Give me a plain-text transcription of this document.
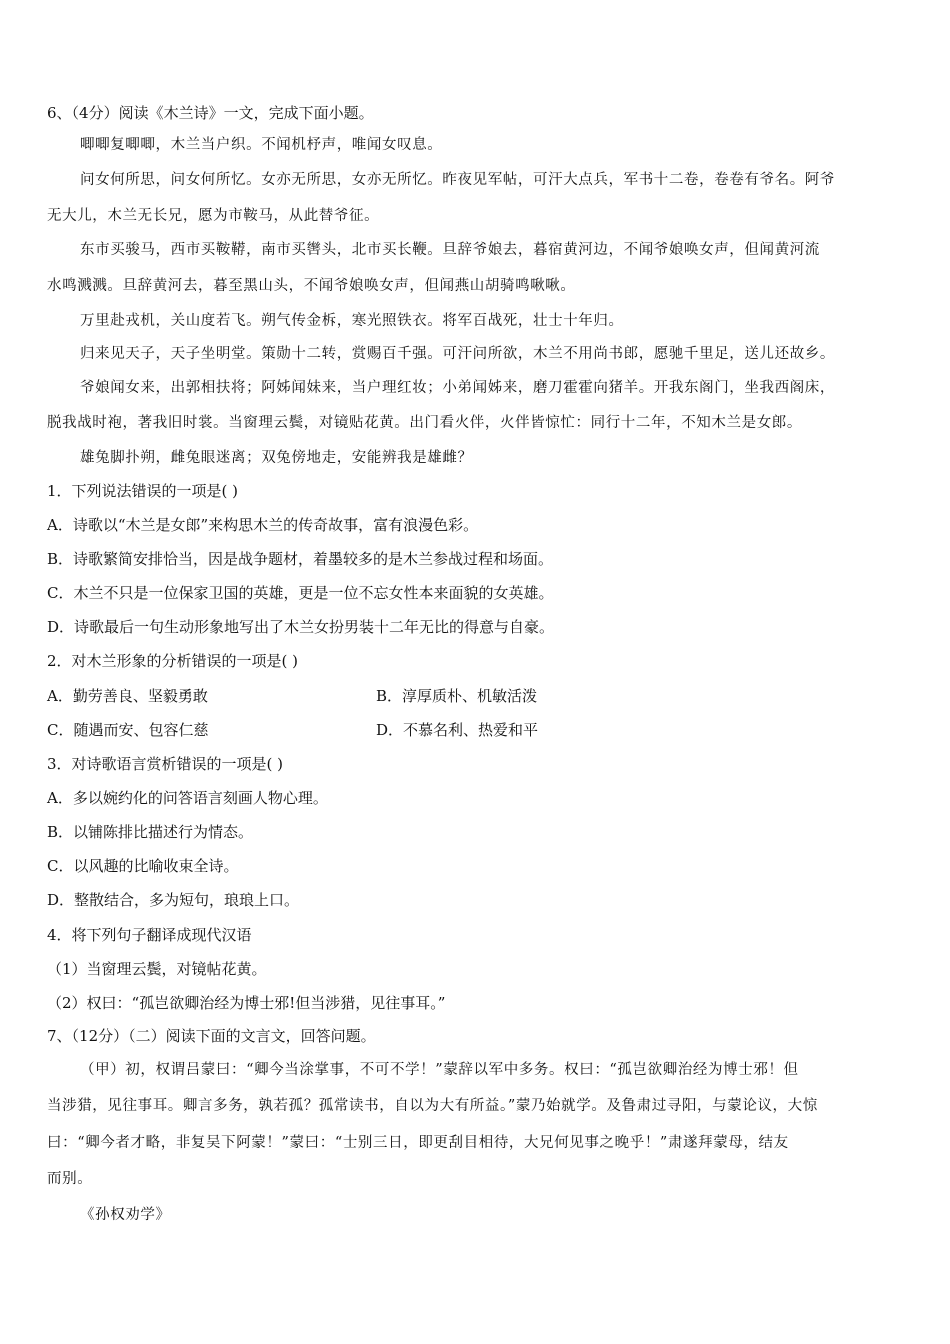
6、（4分）阅读《木兰诗》一文，完成下面小题。
唧唧复唧唧，木兰当户织。不闻机杼声，唯闻女叹息。
问女何所思，问女何所忆。女亦无所思，女亦无所忆。昨夜见军帖，可汗大点兵，军书十二卷，卷卷有爷名。阿爷
无大儿，木兰无长兄，愿为市鞍马，从此替爷征。
东市买骏马，西市买鞍鞯，南市买辔头，北市买长鞭。旦辞爷娘去，暮宿黄河边，不闻爷娘唤女声，但闻黄河流
水鸣溅溅。旦辞黄河去，暮至黑山头，不闻爷娘唤女声，但闻燕山胡骑鸣啾啾。
万里赴戎机，关山度若飞。朔气传金柝，寒光照铁衣。将军百战死，壮士十年归。
归来见天子，天子坐明堂。策勋十二转，赏赐百千强。可汗问所欲，木兰不用尚书郎，愿驰千里足，送儿还故乡。
爷娘闻女来，出郭相扶将；阿姊闻妹来，当户理红妆；小弟闻姊来，磨刀霍霍向猪羊。开我东阁门，坐我西阁床，
脱我战时袍，著我旧时裳。当窗理云鬓，对镜贴花黄。出门看火伴，火伴皆惊忙：同行十二年，不知木兰是女郎。
雄兔脚扑朔，雌兔眼迷离；双兔傍地走，安能辨我是雄雌？
1．下列说法错误的一项是( )
A．诗歌以“木兰是女郎”来构思木兰的传奇故事，富有浪漫色彩。
B．诗歌繁简安排恰当，因是战争题材，着墨较多的是木兰参战过程和场面。
C．木兰不只是一位保家卫国的英雄，更是一位不忘女性本来面貌的女英雄。
D．诗歌最后一句生动形象地写出了木兰女扮男装十二年无比的得意与自豪。
2．对木兰形象的分析错误的一项是( )
A．勤劳善良、坚毅勇敢	B．淳厚质朴、机敏活泼
C．随遇而安、包容仁慈	D．不慕名利、热爱和平
3．对诗歌语言赏析错误的一项是( )
A．多以婉约化的问答语言刻画人物心理。
B．以铺陈排比描述行为情态。
C．以风趣的比喻收束全诗。
D．整散结合，多为短句，琅琅上口。
4．将下列句子翻译成现代汉语
（1）当窗理云鬓，对镜帖花黄。
（2）权曰：“孤岂欲卿治经为博士邪!但当涉猎，见往事耳。”
7、（12分）（二）阅读下面的文言文，回答问题。
（甲）初，权谓吕蒙曰：“卿今当涂掌事，不可不学！”蒙辞以军中多务。权曰：“孤岂欲卿治经为博士邪！但
当涉猎，见往事耳。卿言多务，孰若孤？孤常读书，自以为大有所益。”蒙乃始就学。及鲁肃过寻阳，与蒙论议，大惊
曰：“卿今者才略，非复吴下阿蒙！”蒙曰：“士别三日，即更刮目相待，大兄何见事之晚乎！”肃遂拜蒙母，结友
而别。
《孙权劝学》
